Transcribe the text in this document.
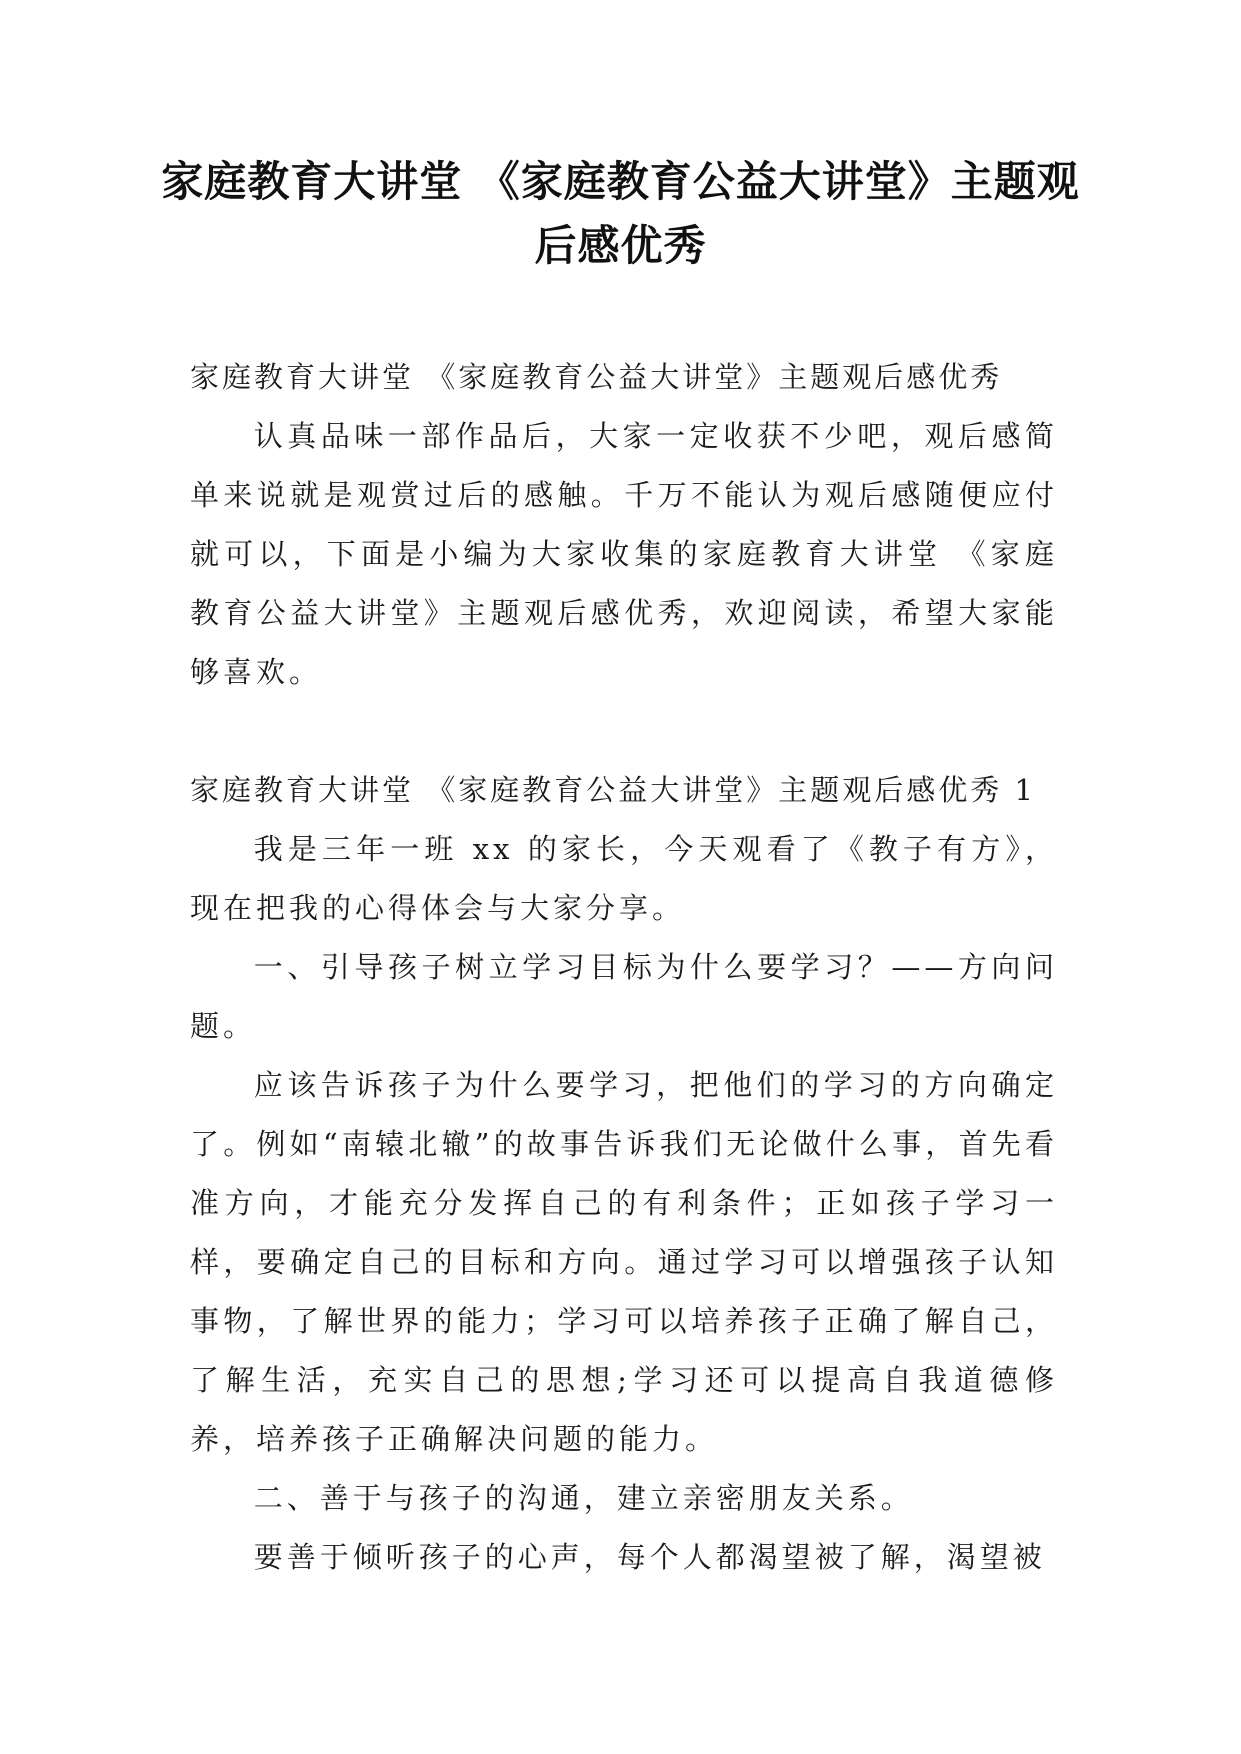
家庭教育大讲堂 《家庭教育公益大讲堂》主题观后感优秀

家庭教育大讲堂 《家庭教育公益大讲堂》主题观后感优秀

认真品味一部作品后，大家一定收获不少吧，观后感简单来说就是观赏过后的感触。千万不能认为观后感随便应付就可以，下面是小编为大家收集的家庭教育大讲堂 《家庭教育公益大讲堂》主题观后感优秀，欢迎阅读，希望大家能够喜欢。

家庭教育大讲堂 《家庭教育公益大讲堂》主题观后感优秀 1

我是三年一班 xx 的家长，今天观看了《教子有方》，现在把我的心得体会与大家分享。

一、引导孩子树立学习目标为什么要学习？——方向问题。

应该告诉孩子为什么要学习，把他们的学习的方向确定了。例如“南辕北辙”的故事告诉我们无论做什么事，首先看准方向，才能充分发挥自己的有利条件；正如孩子学习一样，要确定自己的目标和方向。通过学习可以增强孩子认知事物，了解世界的能力；学习可以培养孩子正确了解自己，了解生活，充实自己的思想;学习还可以提高自我道德修养，培养孩子正确解决问题的能力。

二、善于与孩子的沟通，建立亲密朋友关系。

要善于倾听孩子的心声，每个人都渴望被了解，渴望被
